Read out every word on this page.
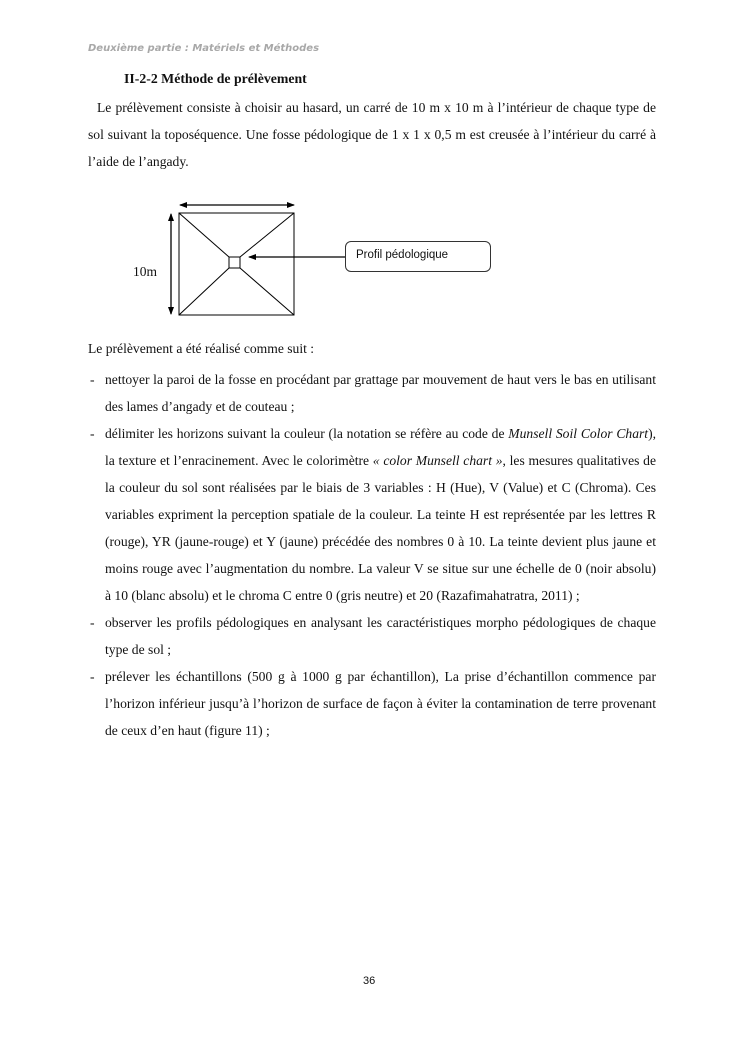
Deuxième partie : Matériels et Méthodes
II-2-2 Méthode de prélèvement

Le prélèvement consiste à choisir au hasard, un carré de 10 m x 10 m à l’intérieur de chaque type de sol suivant la toposéquence. Une fosse pédologique de 1 x 1 x 0,5 m est creusée à l’intérieur du carré à l’aide de l’angady.

10m
Profil pédologique
Le prélèvement a été réalisé comme suit :
- nettoyer la paroi de la fosse en procédant par grattage par mouvement de haut vers le bas en utilisant des lames d’angady et de couteau ;
- délimiter les horizons suivant la couleur (la notation se réfère au code de Munsell Soil Color Chart), la texture et l’enracinement. Avec le colorimètre « color Munsell chart », les mesures qualitatives de la couleur du sol sont réalisées par le biais de 3 variables : H (Hue), V (Value) et C (Chroma). Ces variables expriment la perception spatiale de la couleur. La teinte H est représentée par les lettres R (rouge), YR (jaune-rouge) et Y (jaune) précédée des nombres 0 à 10. La teinte devient plus jaune et moins rouge avec l’augmentation du nombre. La valeur V se situe sur une échelle de 0 (noir absolu) à 10 (blanc absolu) et le chroma C entre 0 (gris neutre) et 20 (Razafimahatratra, 2011) ;
- observer les profils pédologiques en analysant les caractéristiques morpho pédologiques de chaque type de sol ;
- prélever les échantillons (500 g à 1000 g par échantillon), La prise d’échantillon commence par l’horizon inférieur jusqu’à l’horizon de surface de façon à éviter la contamination de terre provenant de ceux d’en haut (figure 11) ;
36
